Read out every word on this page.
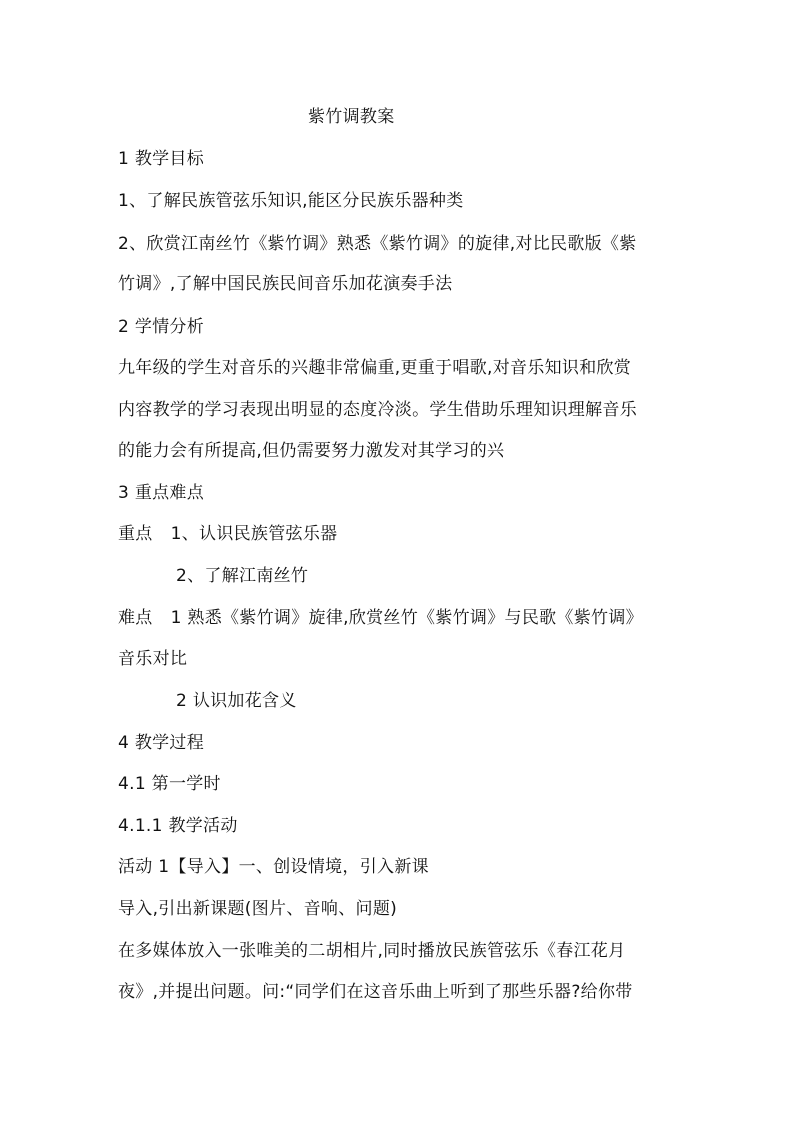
紫竹调教案
1 教学目标
1、了解民族管弦乐知识,能区分民族乐器种类
2、欣赏江南丝竹《紫竹调》熟悉《紫竹调》的旋律,对比民歌版《紫
竹调》,了解中国民族民间音乐加花演奏手法
2 学情分析
九年级的学生对音乐的兴趣非常偏重,更重于唱歌,对音乐知识和欣赏
内容教学的学习表现出明显的态度冷淡。学生借助乐理知识理解音乐
的能力会有所提高,但仍需要努力激发对其学习的兴
3 重点难点
重点 1、认识民族管弦乐器
2、了解江南丝竹
难点 1 熟悉《紫竹调》旋律,欣赏丝竹《紫竹调》与民歌《紫竹调》
音乐对比
2 认识加花含义
4 教学过程
4.1 第一学时
4.1.1 教学活动
活动 1【导入】一、创设情境，引入新课
导入,引出新课题(图片、音响、问题)
在多媒体放入一张唯美的二胡相片,同时播放民族管弦乐《春江花月
夜》,并提出问题。问:“同学们在这音乐曲上听到了那些乐器?给你带
